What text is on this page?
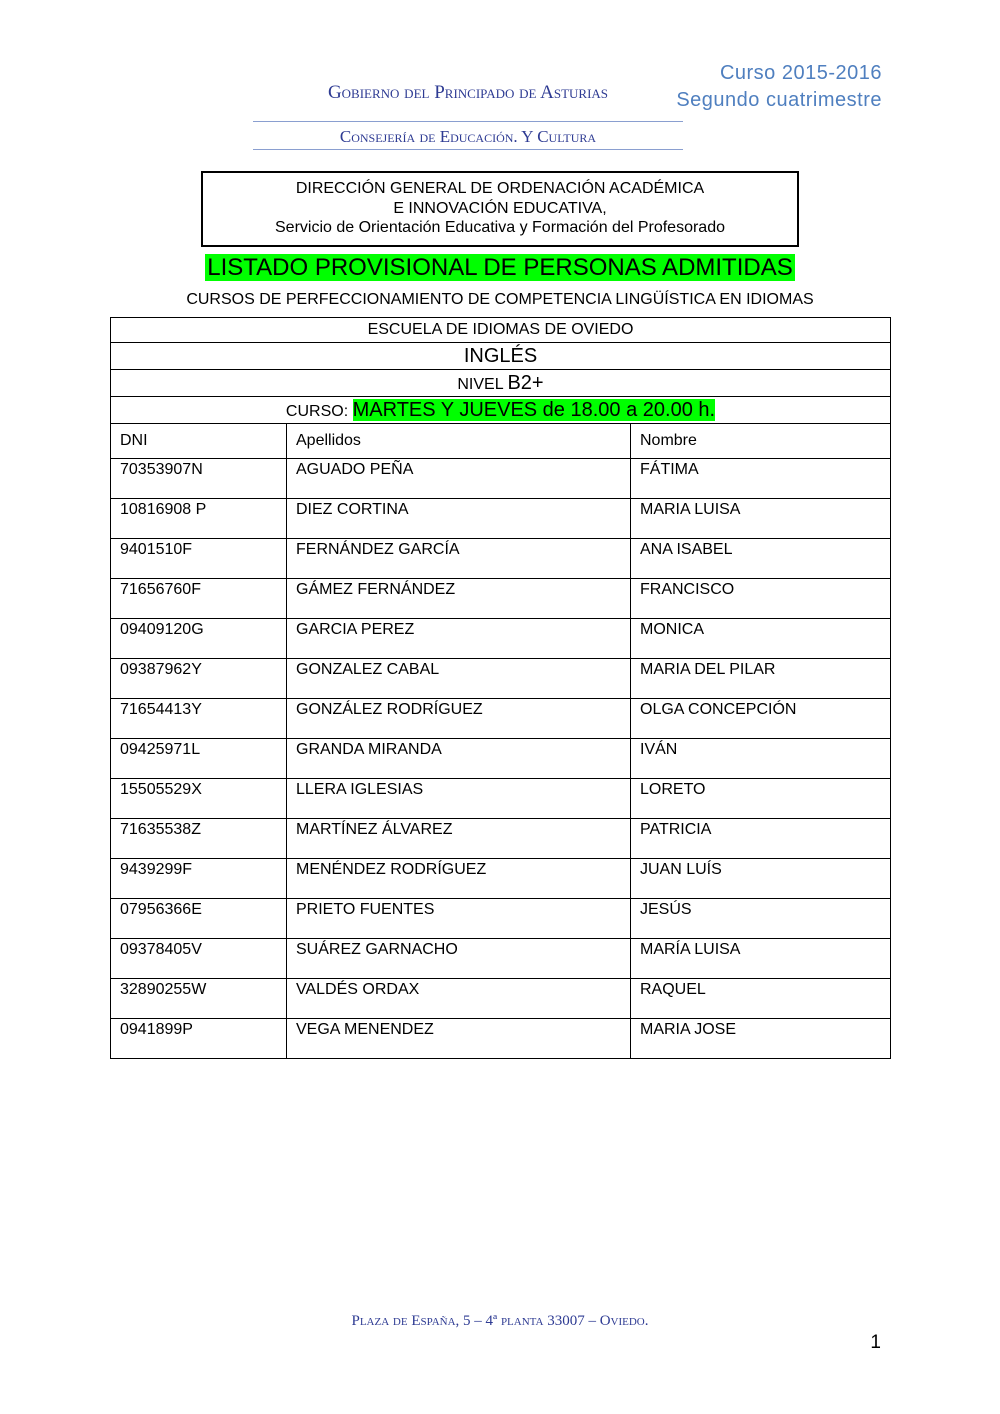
Gobierno del Principado de Asturias
Curso 2015-2016
Segundo cuatrimestre
Consejería de Educación. Y Cultura
DIRECCIÓN GENERAL DE ORDENACIÓN ACADÉMICA
E INNOVACIÓN EDUCATIVA,
Servicio de Orientación Educativa y Formación del Profesorado
LISTADO PROVISIONAL DE PERSONAS ADMITIDAS
CURSOS DE PERFECCIONAMIENTO DE COMPETENCIA LINGÜÍSTICA EN IDIOMAS
ESCUELA DE IDIOMAS DE OVIEDO		
INGLÉS		
NIVEL B2+		
CURSO: MARTES Y JUEVES de 18.00 a 20.00 h.		
DNI	Apellidos	Nombre
70353907N	AGUADO PEÑA	FÁTIMA
10816908 P	DIEZ CORTINA	MARIA LUISA
9401510F	FERNÁNDEZ GARCÍA	ANA ISABEL
71656760F	GÁMEZ FERNÁNDEZ	FRANCISCO
09409120G	GARCIA PEREZ	MONICA
09387962Y	GONZALEZ CABAL	MARIA DEL PILAR
71654413Y	GONZÁLEZ RODRÍGUEZ	OLGA CONCEPCIÓN
09425971L	GRANDA MIRANDA	IVÁN
15505529X	LLERA IGLESIAS	LORETO
71635538Z	MARTÍNEZ ÁLVAREZ	PATRICIA
9439299F	MENÉNDEZ RODRÍGUEZ	JUAN LUÍS
07956366E	PRIETO FUENTES	JESÚS
09378405V	SUÁREZ GARNACHO	MARÍA LUISA
32890255W	VALDÉS ORDAX	RAQUEL
0941899P	VEGA MENENDEZ	MARIA JOSE
Plaza de España, 5 – 4ª planta 33007 – Oviedo.
1
